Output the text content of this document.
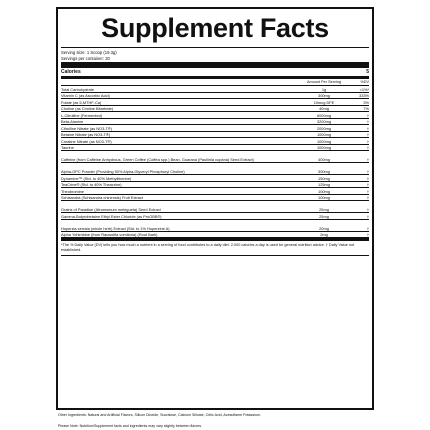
Supplement Facts
Serving Size: 1 Scoop (19.3g)
Servings per container: 20
Calories	5
Amount Per Serving	%DV
Total Carbohydrate	1g	<1%*
Vitamin C (as Ascorbic Acid)	300mg	333%
Folate (as 5-MTHF-Ca)	10mcg DFE	3%
Choline (as Choline Bitartrate)	40mg	7%
L-Citrulline (Fermented)	6000mg	†
Beta-Alanine	3200mg	†
Citrulline Nitrate (as NO3-T®)	2000mg	†
Betaine Nitrate (as NO3-T®)	1000mg	†
Creatine Nitrate (as NO3-T®)	1000mg	†
Taurine	1000mg	†
Caffeine (from Caffeine Anhydrous, Green Coffee (Coffea spp.) Bean, Guarana (Paullinia cupana) Seed Extract)	400mg	†
Alpha-GPC Powder (Providing 50% Alpha-Glyceryl Phosphoryl Choline)	300mg	†
Dynamine™ (Std. to 40% Methylliberine)	150mg	†
TeaCrine® (Std. to 40% Theacrine)	125mg	†
Theobromine	100mg	†
Schisandra (Schisandra chinensis) Fruit Extract	100mg	†
Grains of Paradise (Aframomum melegueta) Seed Extract	25mg	†
Gamma-Butyrobetaine Ethyl Ester Chloride (as ProGBB®)	25mg	†
Huperzia serrata (whole herb) Extract (Std. to 1% Huperzine A)	20mg	†
Alpha Yohimbine (from Rauwolfia vomitoria) (Root Bark)	2mg	†
*The % Daily Value (DV) tells you how much a nutrient in a serving of food contributes to a daily diet. 2,000 calories a day is used for general nutrition advice. † Daily Value not established.
Other Ingredients: Natural and Artificial Flavors, Silicon Dioxide, Sucralose, Calcium Silicate, Citric Acid, Acesulfame Potassium.
Please Note: Nutrition/Supplement facts and ingredients may vary slightly between flavors.
